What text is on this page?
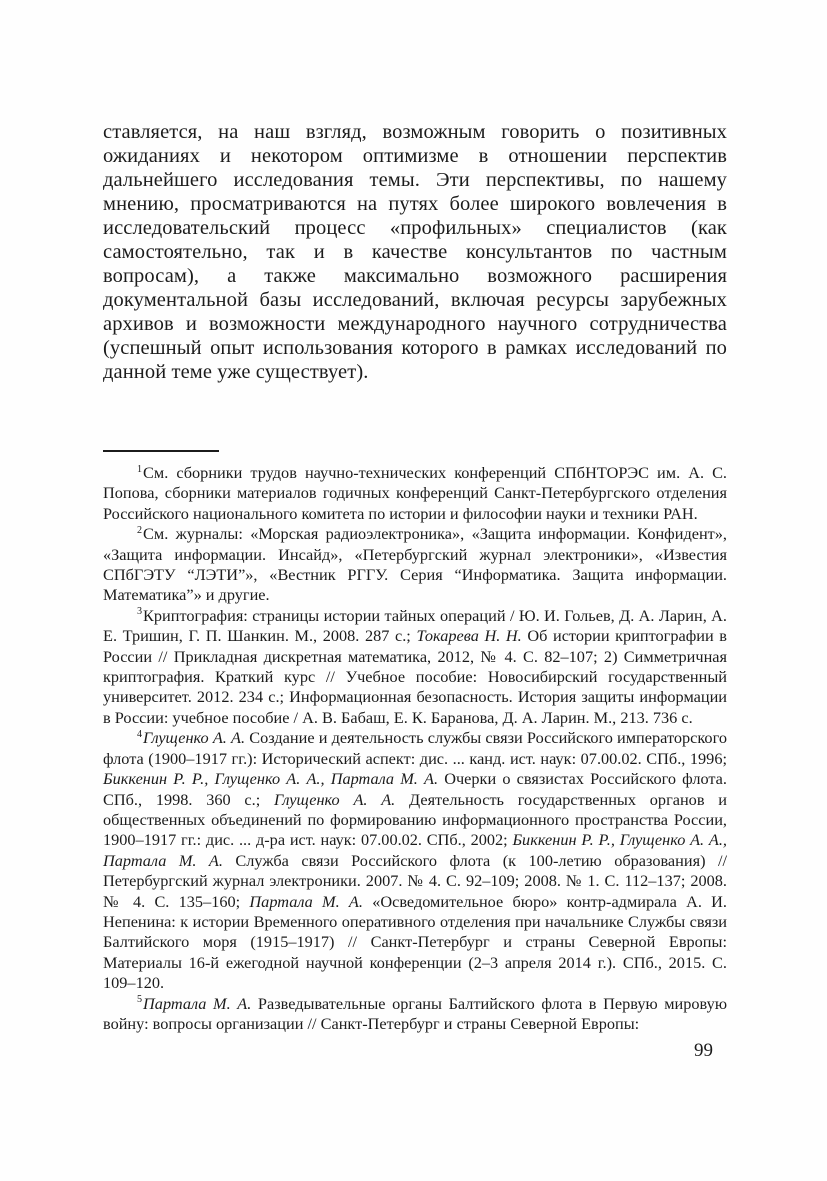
ставляется, на наш взгляд, возможным говорить о позитивных ожиданиях и некотором оптимизме в отношении перспектив дальнейшего исследования темы. Эти перспективы, по нашему мнению, просматриваются на путях более широкого вовлечения в исследовательский процесс «профильных» специалистов (как самостоятельно, так и в качестве консультантов по частным вопросам), а также максимально возможного расширения документальной базы исследований, включая ресурсы зарубежных архивов и возможности международного научного сотрудничества (успешный опыт использования которого в рамках исследований по данной теме уже существует).

$^1$См. сборники трудов научно-технических конференций СПбНТОРЭС им. А. С. Попова, сборники материалов годичных конференций Санкт-Петербургского отделения Российского национального комитета по истории и философии науки и техники РАН.

$^2$См. журналы: «Морская радиоэлектроника», «Защита информации. Конфидент», «Защита информации. Инсайд», «Петербургский журнал электроники», «Известия СПбГЭТУ “ЛЭТИ”», «Вестник РГГУ. Серия “Информатика. Защита информации. Математика”» и другие.

$^3$Криптография: страницы истории тайных операций / Ю. И. Гольев, Д. А. Ларин, А. Е. Тришин, Г. П. Шанкин. М., 2008. 287 с.; Токарева Н. Н. Об истории криптографии в России // Прикладная дискретная математика, 2012, № 4. С. 82–107; 2) Симметричная криптография. Краткий курс // Учебное пособие: Новосибирский государственный университет. 2012. 234 с.; Информационная безопасность. История защиты информации в России: учебное пособие / А. В. Бабаш, Е. К. Баранова, Д. А. Ларин. М., 213. 736 с.

$^4$Глущенко А. А. Создание и деятельность службы связи Российского императорского флота (1900–1917 гг.): Исторический аспект: дис. ... канд. ист. наук: 07.00.02. СПб., 1996; Биккенин Р. Р., Глущенко А. А., Партала М. А. Очерки о связистах Российского флота. СПб., 1998. 360 с.; Глущенко А. А. Деятельность государственных органов и общественных объединений по формированию информационного пространства России, 1900–1917 гг.: дис. ... д-ра ист. наук: 07.00.02. СПб., 2002; Биккенин Р. Р., Глущенко А. А., Партала М. А. Служба связи Российского флота (к 100-летию образования) // Петербургский журнал электроники. 2007. № 4. С. 92–109; 2008. № 1. С. 112–137; 2008. № 4. С. 135–160; Партала М. А. «Осведомительное бюро» контр-адмирала А. И. Непенина: к истории Временного оперативного отделения при начальнике Службы связи Балтийского моря (1915–1917) // Санкт-Петербург и страны Северной Европы: Материалы 16-й ежегодной научной конференции (2–3 апреля 2014 г.). СПб., 2015. С. 109–120.

$^5$Партала М. А. Разведывательные органы Балтийского флота в Первую мировую войну: вопросы организации // Санкт-Петербург и страны Северной Европы:

99
